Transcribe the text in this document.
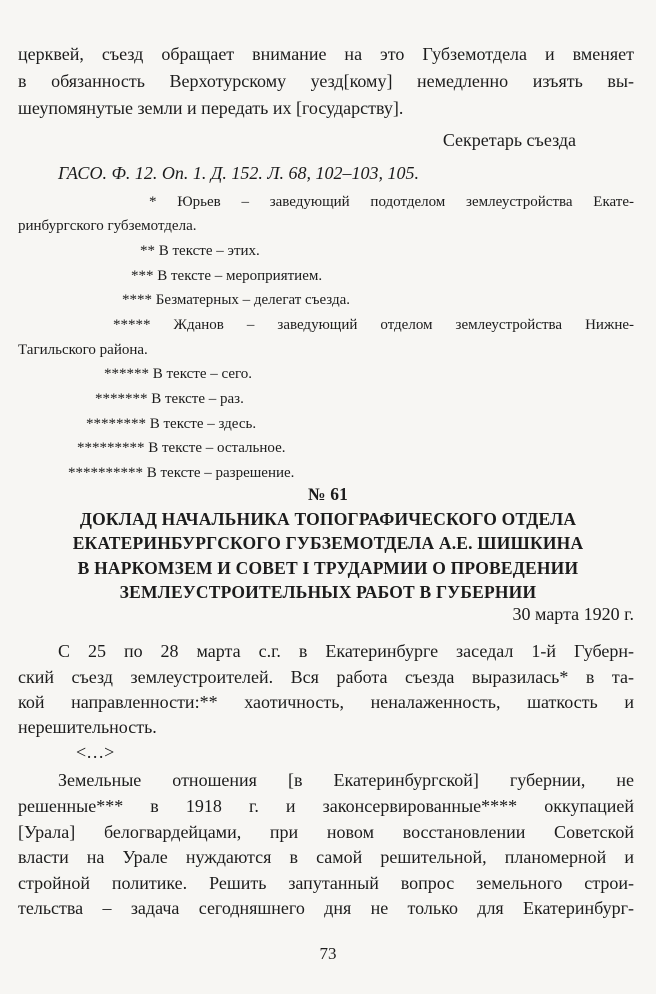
церквей, съезд обращает внимание на это Губземотдела и вменяет
в обязанность Верхотурскому уезд[кому] немедленно изъять вы-
шеупомянутые земли и передать их [государству].
Секретарь съезда
ГАСО. Ф. 12. Оп. 1. Д. 152. Л. 68, 102–103, 105.
* Юрьев – заведующий подотделом землеустройства Екате-
ринбургского губземотдела.
** В тексте – этих.
*** В тексте – мероприятием.
**** Безматерных – делегат съезда.
***** Жданов – заведующий отделом землеустройства Нижне-
Тагильского района.
****** В тексте – сего.
******* В тексте – раз.
******** В тексте – здесь.
********* В тексте – остальное.
********** В тексте – разрешение.
№ 61
ДОКЛАД НАЧАЛЬНИКА ТОПОГРАФИЧЕСКОГО ОТДЕЛА
ЕКАТЕРИНБУРГСКОГО ГУБЗЕМОТДЕЛА А.Е. ШИШКИНА
В НАРКОМЗЕМ И СОВЕТ I ТРУДАРМИИ О ПРОВЕДЕНИИ
ЗЕМЛЕУСТРОИТЕЛЬНЫХ РАБОТ В ГУБЕРНИИ
30 марта 1920 г.
С 25 по 28 марта с.г. в Екатеринбурге заседал 1-й Губерн-
ский съезд землеустроителей. Вся работа съезда выразилась* в та-
кой направленности:** хаотичность, неналаженность, шаткость и
нерешительность.
<…>
Земельные отношения [в Екатеринбургской] губернии, не
решенные*** в 1918 г. и законсервированные**** оккупацией
[Урала] белогвардейцами, при новом восстановлении Советской
власти на Урале нуждаются в самой решительной, планомерной и
стройной политике. Решить запутанный вопрос земельного строи-
тельства – задача сегодняшнего дня не только для Екатеринбург-
73
